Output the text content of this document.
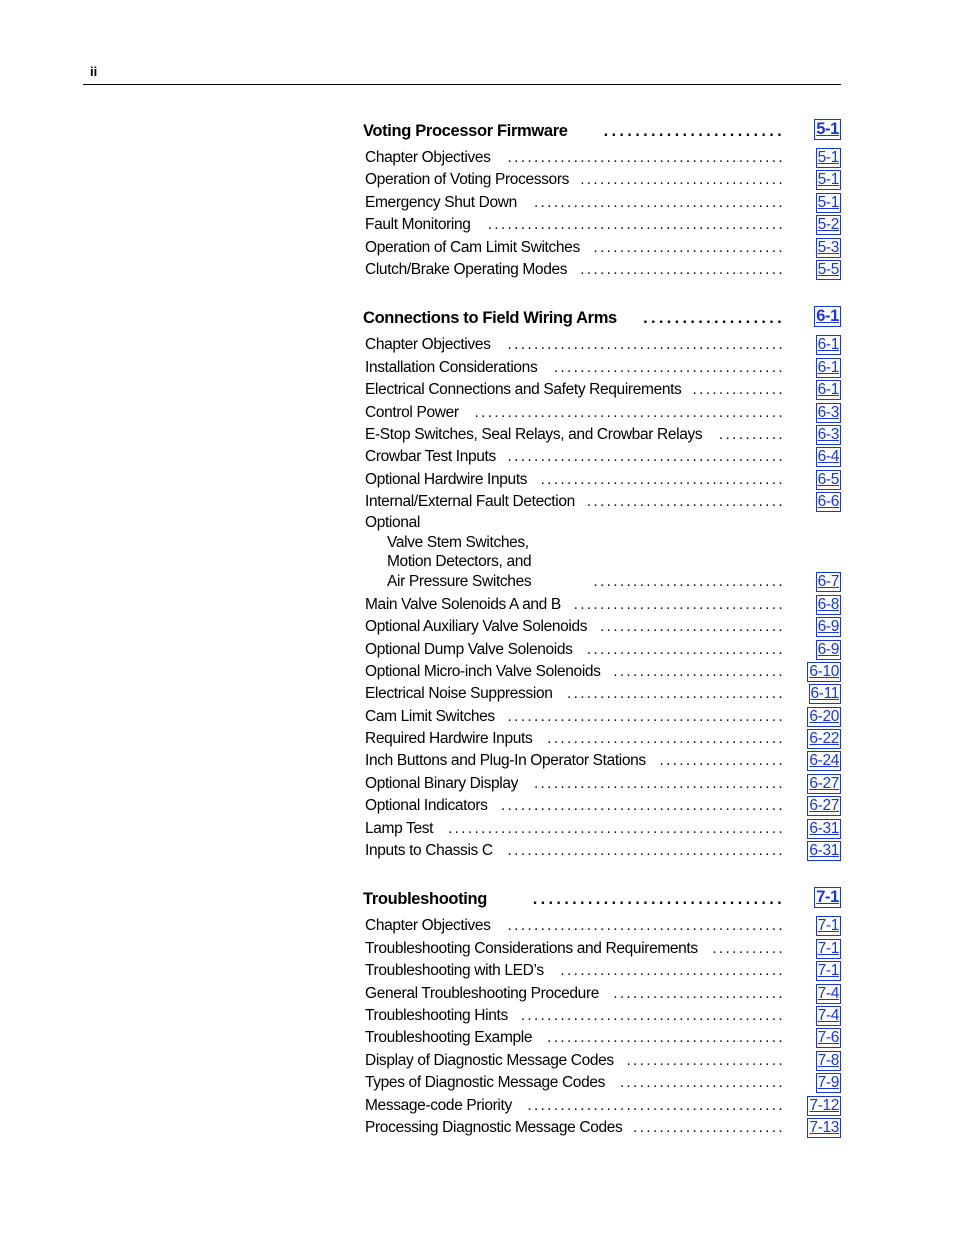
ii
Voting Processor Firmware	....................... 5-1
..........................................
Chapter Objectives	5-1
...............................
Operation of Voting Processors	5-1
......................................
Emergency Shut Down	5-1
.............................................
Fault Monitoring	5-2
.............................
Operation of Cam Limit Switches	5-3
...............................
Clutch/Brake Operating Modes	5-5
Connections to Field Wiring Arms	.................. 6-1
..........................................
Chapter Objectives	6-1
...................................
Installation Considerations	6-1
..............
Electrical Connections and Safety Requirements	6-1
...............................................
Control Power	6-3
..........
E-Stop Switches, Seal Relays, and Crowbar Relays	6-3
..........................................
Crowbar Test Inputs	6-4
.....................................
Optional Hardwire Inputs	6-5
..............................
Internal/External Fault Detection	6-6
Optional
Valve Stem Switches,
Motion Detectors, and
Air Pressure Switches	............................. 6-7
................................
Main Valve Solenoids A and B	6-8
............................
Optional Auxiliary Valve Solenoids	6-9
..............................
Optional Dump Valve Solenoids	6-9
..........................
Optional Micro-inch Valve Solenoids	6-10
.................................
Electrical Noise Suppression	6-11
..........................................
Cam Limit Switches	6-20
....................................
Required Hardwire Inputs	6-22
...................
Inch Buttons and Plug-In Operator Stations	6-24
......................................
Optional Binary Display	6-27
...........................................
Optional Indicators	6-27
...................................................
Lamp Test	6-31
..........................................
Inputs to Chassis C	6-31
Troubleshooting	................................ 7-1
..........................................
Chapter Objectives	7-1
...........
Troubleshooting Considerations and Requirements	7-1
..................................
Troubleshooting with LED’s	7-1
..........................
General Troubleshooting Procedure	7-4
........................................
Troubleshooting Hints	7-4
....................................
Troubleshooting Example	7-6
........................
Display of Diagnostic Message Codes	7-8
.........................
Types of Diagnostic Message Codes	7-9
.......................................
Message-code Priority	7-12
.......................
Processing Diagnostic Message Codes	7-13
